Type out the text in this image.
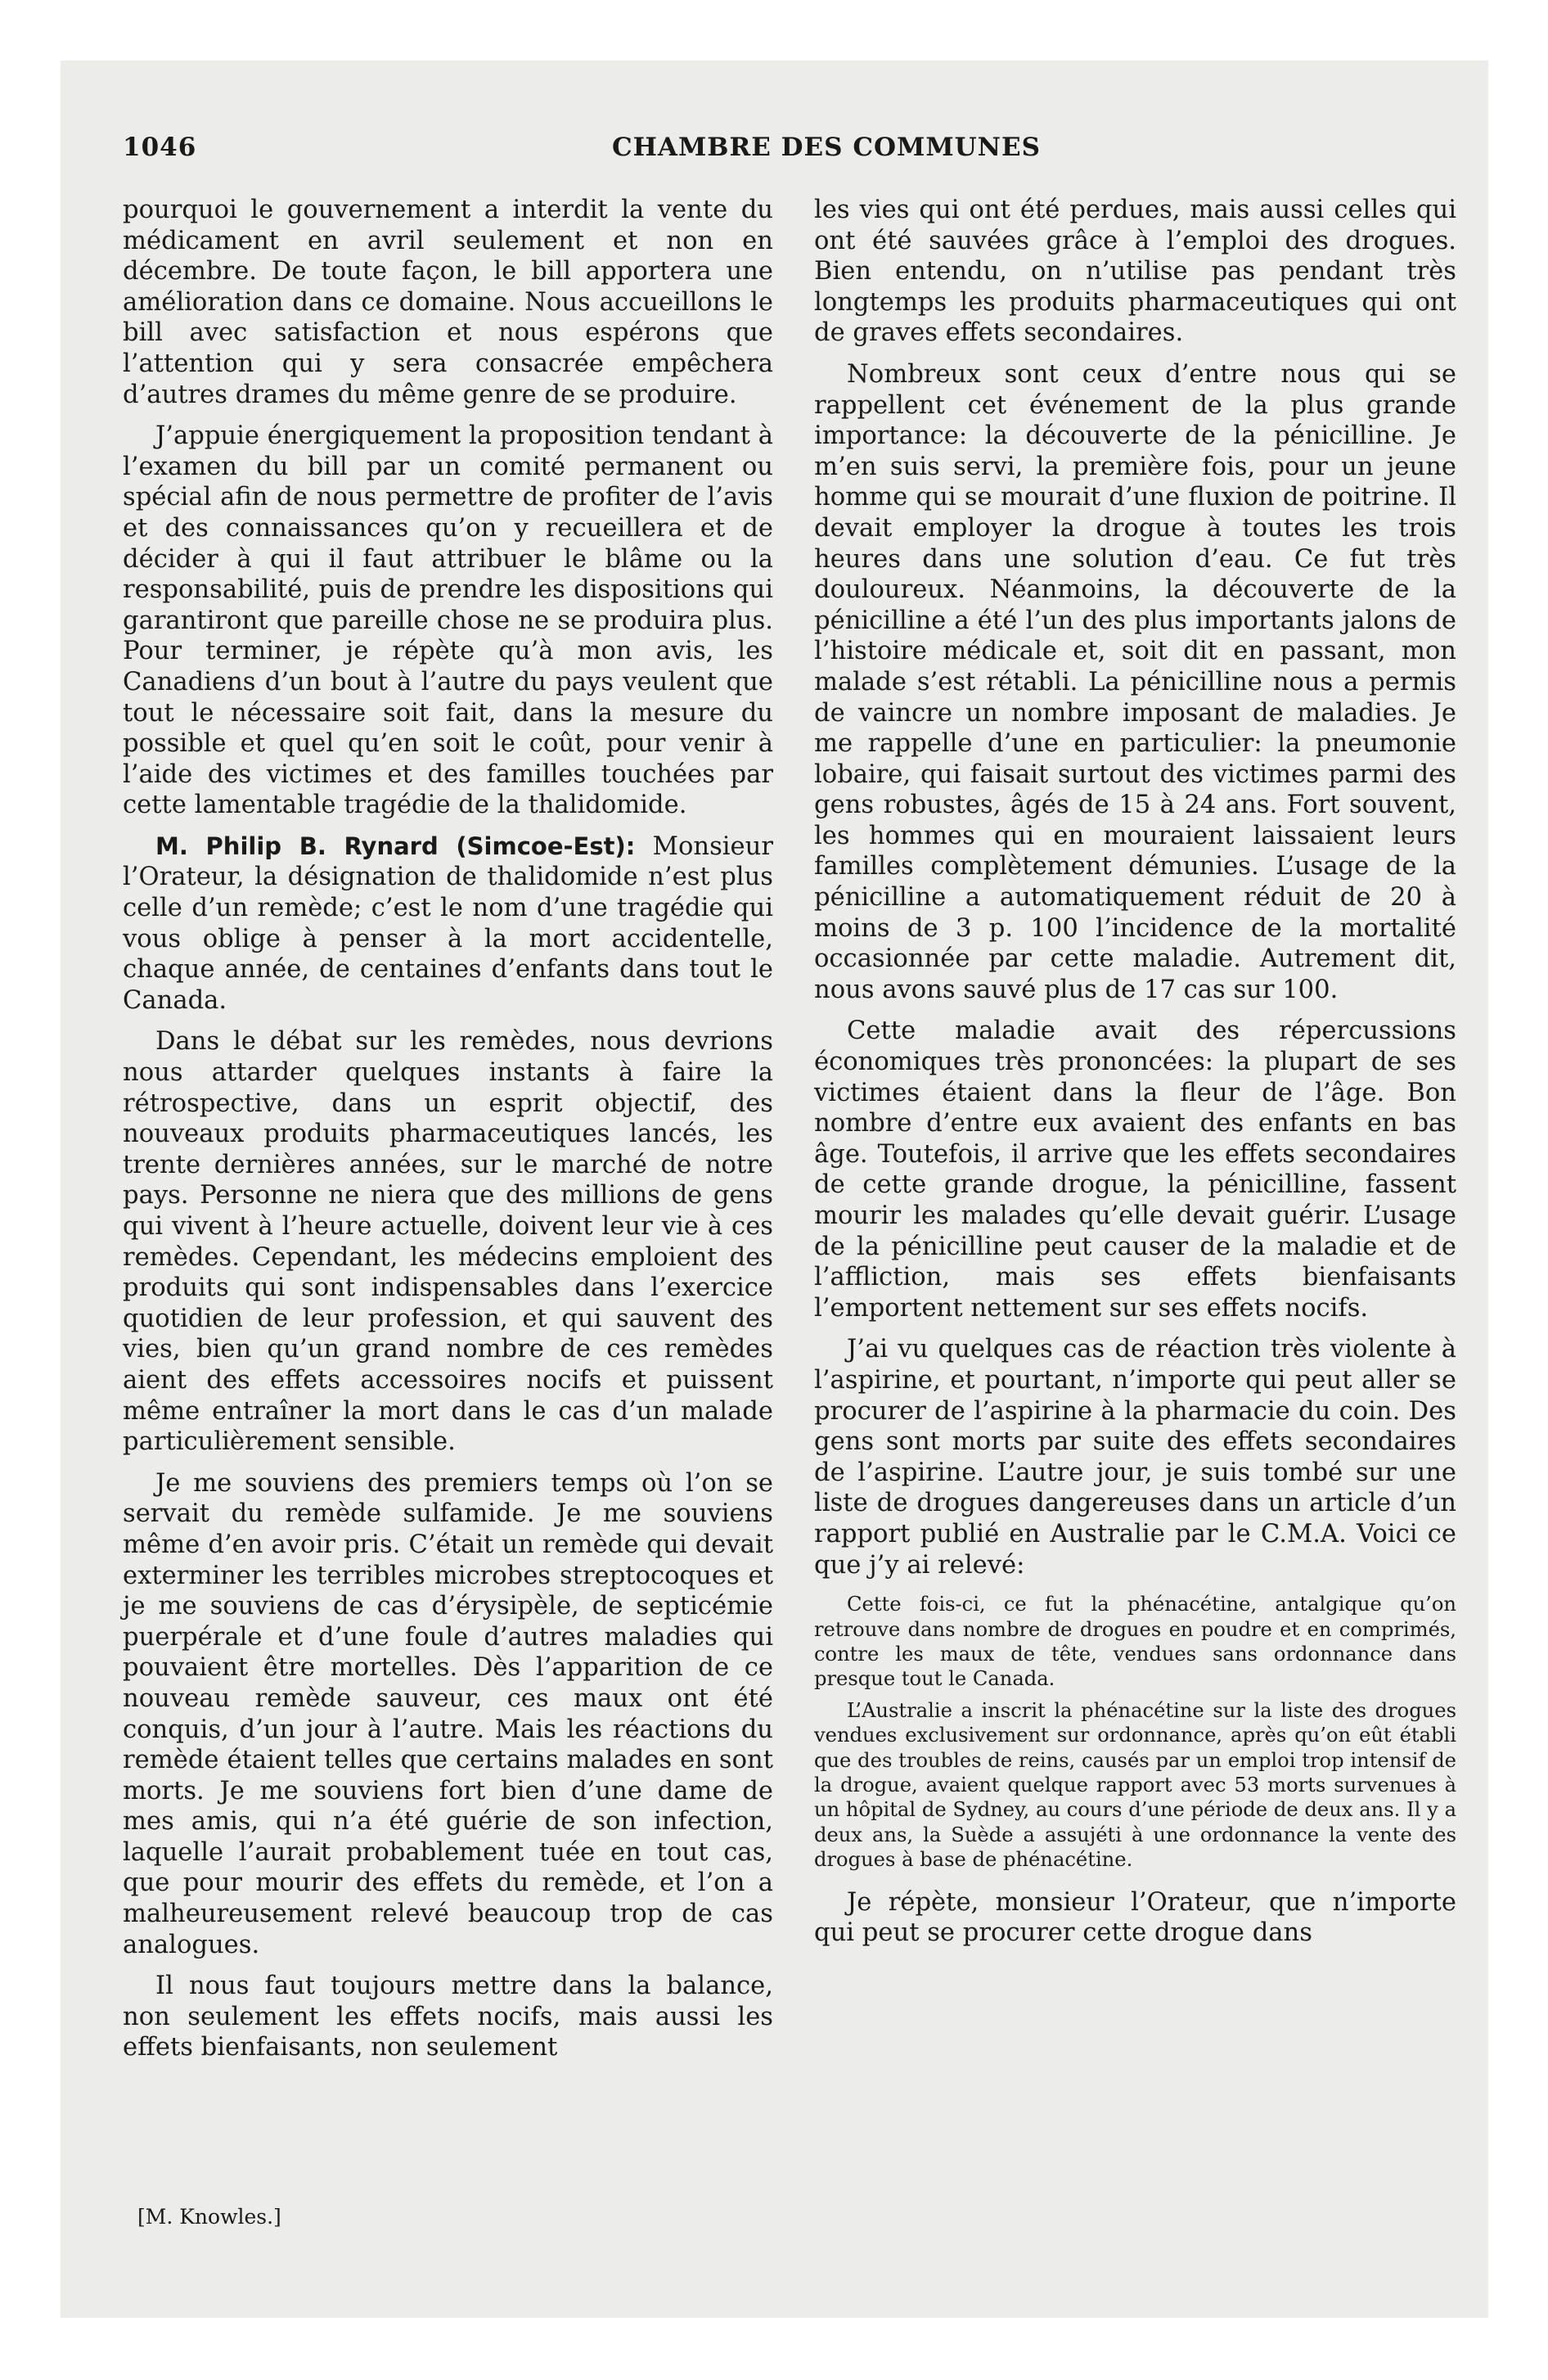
1046	CHAMBRE DES COMMUNES

pourquoi le gouvernement a interdit la vente du médicament en avril seulement et non en décembre. De toute façon, le bill apportera une amélioration dans ce domaine. Nous accueillons le bill avec satisfaction et nous espérons que l’attention qui y sera consacrée empêchera d’autres drames du même genre de se produire.

J’appuie énergiquement la proposition tendant à l’examen du bill par un comité permanent ou spécial afin de nous permettre de profiter de l’avis et des connaissances qu’on y recueillera et de décider à qui il faut attribuer le blâme ou la responsabilité, puis de prendre les dispositions qui garantiront que pareille chose ne se produira plus. Pour terminer, je répète qu’à mon avis, les Canadiens d’un bout à l’autre du pays veulent que tout le nécessaire soit fait, dans la mesure du possible et quel qu’en soit le coût, pour venir à l’aide des victimes et des familles touchées par cette lamentable tragédie de la thalidomide.

M. Philip B. Rynard (Simcoe-Est): Monsieur l’Orateur, la désignation de thalidomide n’est plus celle d’un remède; c’est le nom d’une tragédie qui vous oblige à penser à la mort accidentelle, chaque année, de centaines d’enfants dans tout le Canada.

Dans le débat sur les remèdes, nous devrions nous attarder quelques instants à faire la rétrospective, dans un esprit objectif, des nouveaux produits pharmaceutiques lancés, les trente dernières années, sur le marché de notre pays. Personne ne niera que des millions de gens qui vivent à l’heure actuelle, doivent leur vie à ces remèdes. Cependant, les médecins emploient des produits qui sont indispensables dans l’exercice quotidien de leur profession, et qui sauvent des vies, bien qu’un grand nombre de ces remèdes aient des effets accessoires nocifs et puissent même entraîner la mort dans le cas d’un malade particulièrement sensible.

Je me souviens des premiers temps où l’on se servait du remède sulfamide. Je me souviens même d’en avoir pris. C’était un remède qui devait exterminer les terribles microbes streptocoques et je me souviens de cas d’érysipèle, de septicémie puerpérale et d’une foule d’autres maladies qui pouvaient être mortelles. Dès l’apparition de ce nouveau remède sauveur, ces maux ont été conquis, d’un jour à l’autre. Mais les réactions du remède étaient telles que certains malades en sont morts. Je me souviens fort bien d’une dame de mes amis, qui n’a été guérie de son infection, laquelle l’aurait probablement tuée en tout cas, que pour mourir des effets du remède, et l’on a malheureusement relevé beaucoup trop de cas analogues.

Il nous faut toujours mettre dans la balance, non seulement les effets nocifs, mais aussi les effets bienfaisants, non seulement

[M. Knowles.]

les vies qui ont été perdues, mais aussi celles qui ont été sauvées grâce à l’emploi des drogues. Bien entendu, on n’utilise pas pendant très longtemps les produits pharmaceutiques qui ont de graves effets secondaires.

Nombreux sont ceux d’entre nous qui se rappellent cet événement de la plus grande importance: la découverte de la pénicilline. Je m’en suis servi, la première fois, pour un jeune homme qui se mourait d’une fluxion de poitrine. Il devait employer la drogue à toutes les trois heures dans une solution d’eau. Ce fut très douloureux. Néanmoins, la découverte de la pénicilline a été l’un des plus importants jalons de l’histoire médicale et, soit dit en passant, mon malade s’est rétabli. La pénicilline nous a permis de vaincre un nombre imposant de maladies. Je me rappelle d’une en particulier: la pneumonie lobaire, qui faisait surtout des victimes parmi des gens robustes, âgés de 15 à 24 ans. Fort souvent, les hommes qui en mouraient laissaient leurs familles complètement démunies. L’usage de la pénicilline a automatiquement réduit de 20 à moins de 3 p. 100 l’incidence de la mortalité occasionnée par cette maladie. Autrement dit, nous avons sauvé plus de 17 cas sur 100.

Cette maladie avait des répercussions économiques très prononcées: la plupart de ses victimes étaient dans la fleur de l’âge. Bon nombre d’entre eux avaient des enfants en bas âge. Toutefois, il arrive que les effets secondaires de cette grande drogue, la pénicilline, fassent mourir les malades qu’elle devait guérir. L’usage de la pénicilline peut causer de la maladie et de l’affliction, mais ses effets bienfaisants l’emportent nettement sur ses effets nocifs.

J’ai vu quelques cas de réaction très violente à l’aspirine, et pourtant, n’importe qui peut aller se procurer de l’aspirine à la pharmacie du coin. Des gens sont morts par suite des effets secondaires de l’aspirine. L’autre jour, je suis tombé sur une liste de drogues dangereuses dans un article d’un rapport publié en Australie par le C.M.A. Voici ce que j’y ai relevé:

Cette fois-ci, ce fut la phénacétine, antalgique qu’on retrouve dans nombre de drogues en poudre et en comprimés, contre les maux de tête, vendues sans ordonnance dans presque tout le Canada.

L’Australie a inscrit la phénacétine sur la liste des drogues vendues exclusivement sur ordonnance, après qu’on eût établi que des troubles de reins, causés par un emploi trop intensif de la drogue, avaient quelque rapport avec 53 morts survenues à un hôpital de Sydney, au cours d’une période de deux ans. Il y a deux ans, la Suède a assujéti à une ordonnance la vente des drogues à base de phénacétine.

Je répète, monsieur l’Orateur, que n’importe qui peut se procurer cette drogue dans
